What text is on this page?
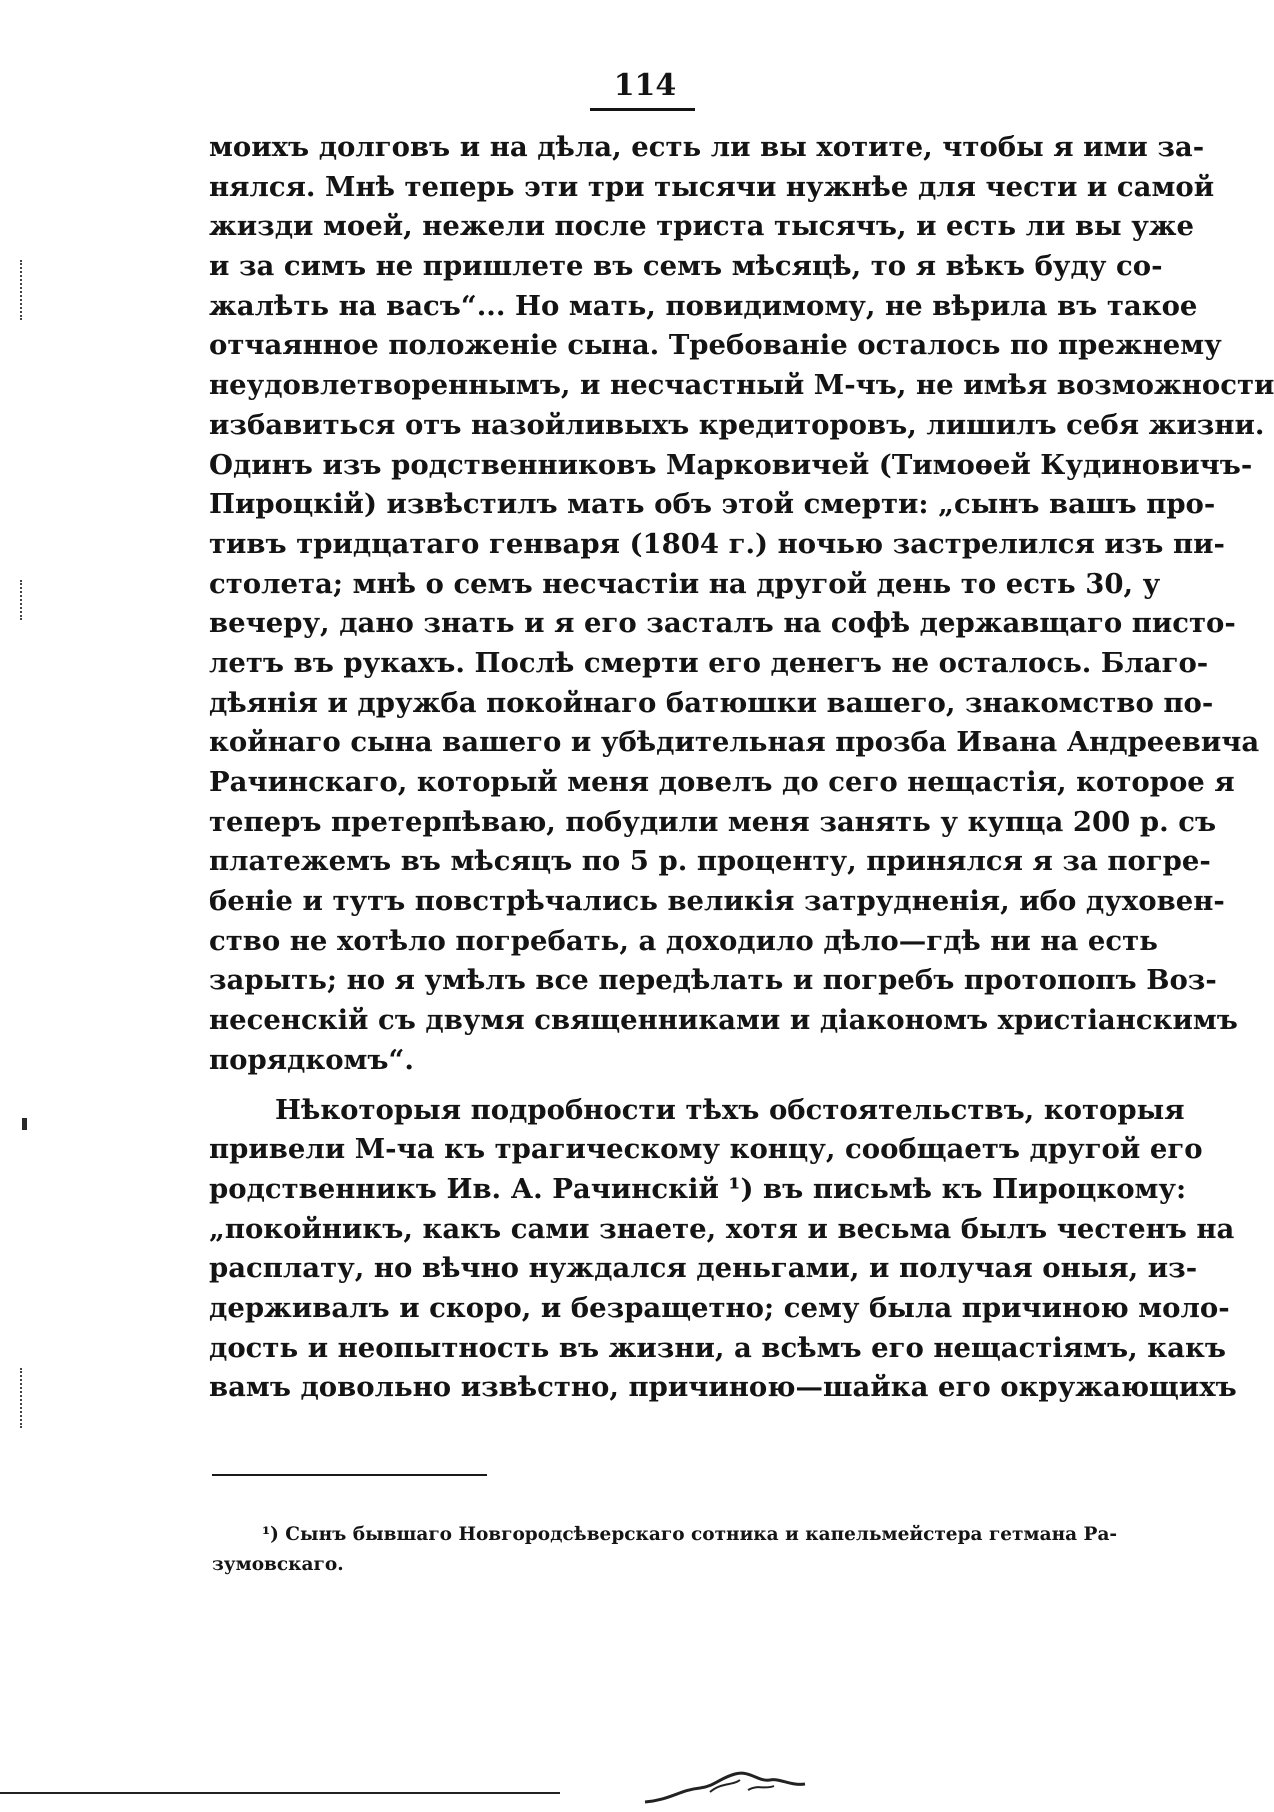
114
моихъ долговъ и на дѣла, есть ли вы хотите, чтобы я ими за-
нялся. Мнѣ теперь эти три тысячи нужнѣе для чести и самой
жизди моей, нежели после триста тысячъ, и есть ли вы уже
и за симъ не пришлете въ семъ мѣсяцѣ, то я вѣкъ буду со-
жалѣть на васъ“... Но мать, повидимому, не вѣрила въ такое
отчаянное положеніе сына. Требованіе осталось по прежнему
неудовлетвореннымъ, и несчастный М-чъ, не имѣя возможности
избавиться отъ назойливыхъ кредиторовъ, лишилъ себя жизни.
Одинъ изъ родственниковъ Марковичей (Тимоѳей Кудиновичъ-
Пироцкій) извѣстилъ мать объ этой смерти: „сынъ вашъ про-
тивъ тридцатаго генваря (1804 г.) ночью застрелился изъ пи-
столета; мнѣ о семъ несчастіи на другой день то есть 30, у
вечеру, дано знать и я его засталъ на софѣ державщаго писто-
летъ въ рукахъ. Послѣ смерти его денегъ не осталось. Благо-
дѣянія и дружба покойнаго батюшки вашего, знакомство по-
койнаго сына вашего и убѣдительная прозба Ивана Андреевича
Рачинскаго, который меня довелъ до сего нещастія, которое я
теперъ претерпѣваю, побудили меня занять у купца 200 р. съ
платежемъ въ мѣсяцъ по 5 р. проценту, принялся я за погре-
беніе и тутъ повстрѣчались великія затрудненія, ибо духовен-
ство не хотѣло погребать, а доходило дѣло—гдѣ ни на есть
зарыть; но я умѣлъ все передѣлать и погребъ протопопъ Воз-
несенскій съ двумя священниками и діакономъ христіанскимъ
порядкомъ“.
Нѣкоторыя подробности тѣхъ обстоятельствъ, которыя
привели М-ча къ трагическому концу, сообщаетъ другой его
родственникъ Ив. А. Рачинскій ¹) въ письмѣ къ Пироцкому:
„покойникъ, какъ сами знаете, хотя и весьма былъ честенъ на
расплату, но вѣчно нуждался деньгами, и получая оныя, из-
держивалъ и скоро, и безращетно; сему была причиною моло-
дость и неопытность въ жизни, а всѣмъ его нещастіямъ, какъ
вамъ довольно извѣстно, причиною—шайка его окружающихъ
¹) Сынъ бывшаго Новгородсѣверскаго сотника и капельмейстера гетмана Ра-
зумовскаго.
